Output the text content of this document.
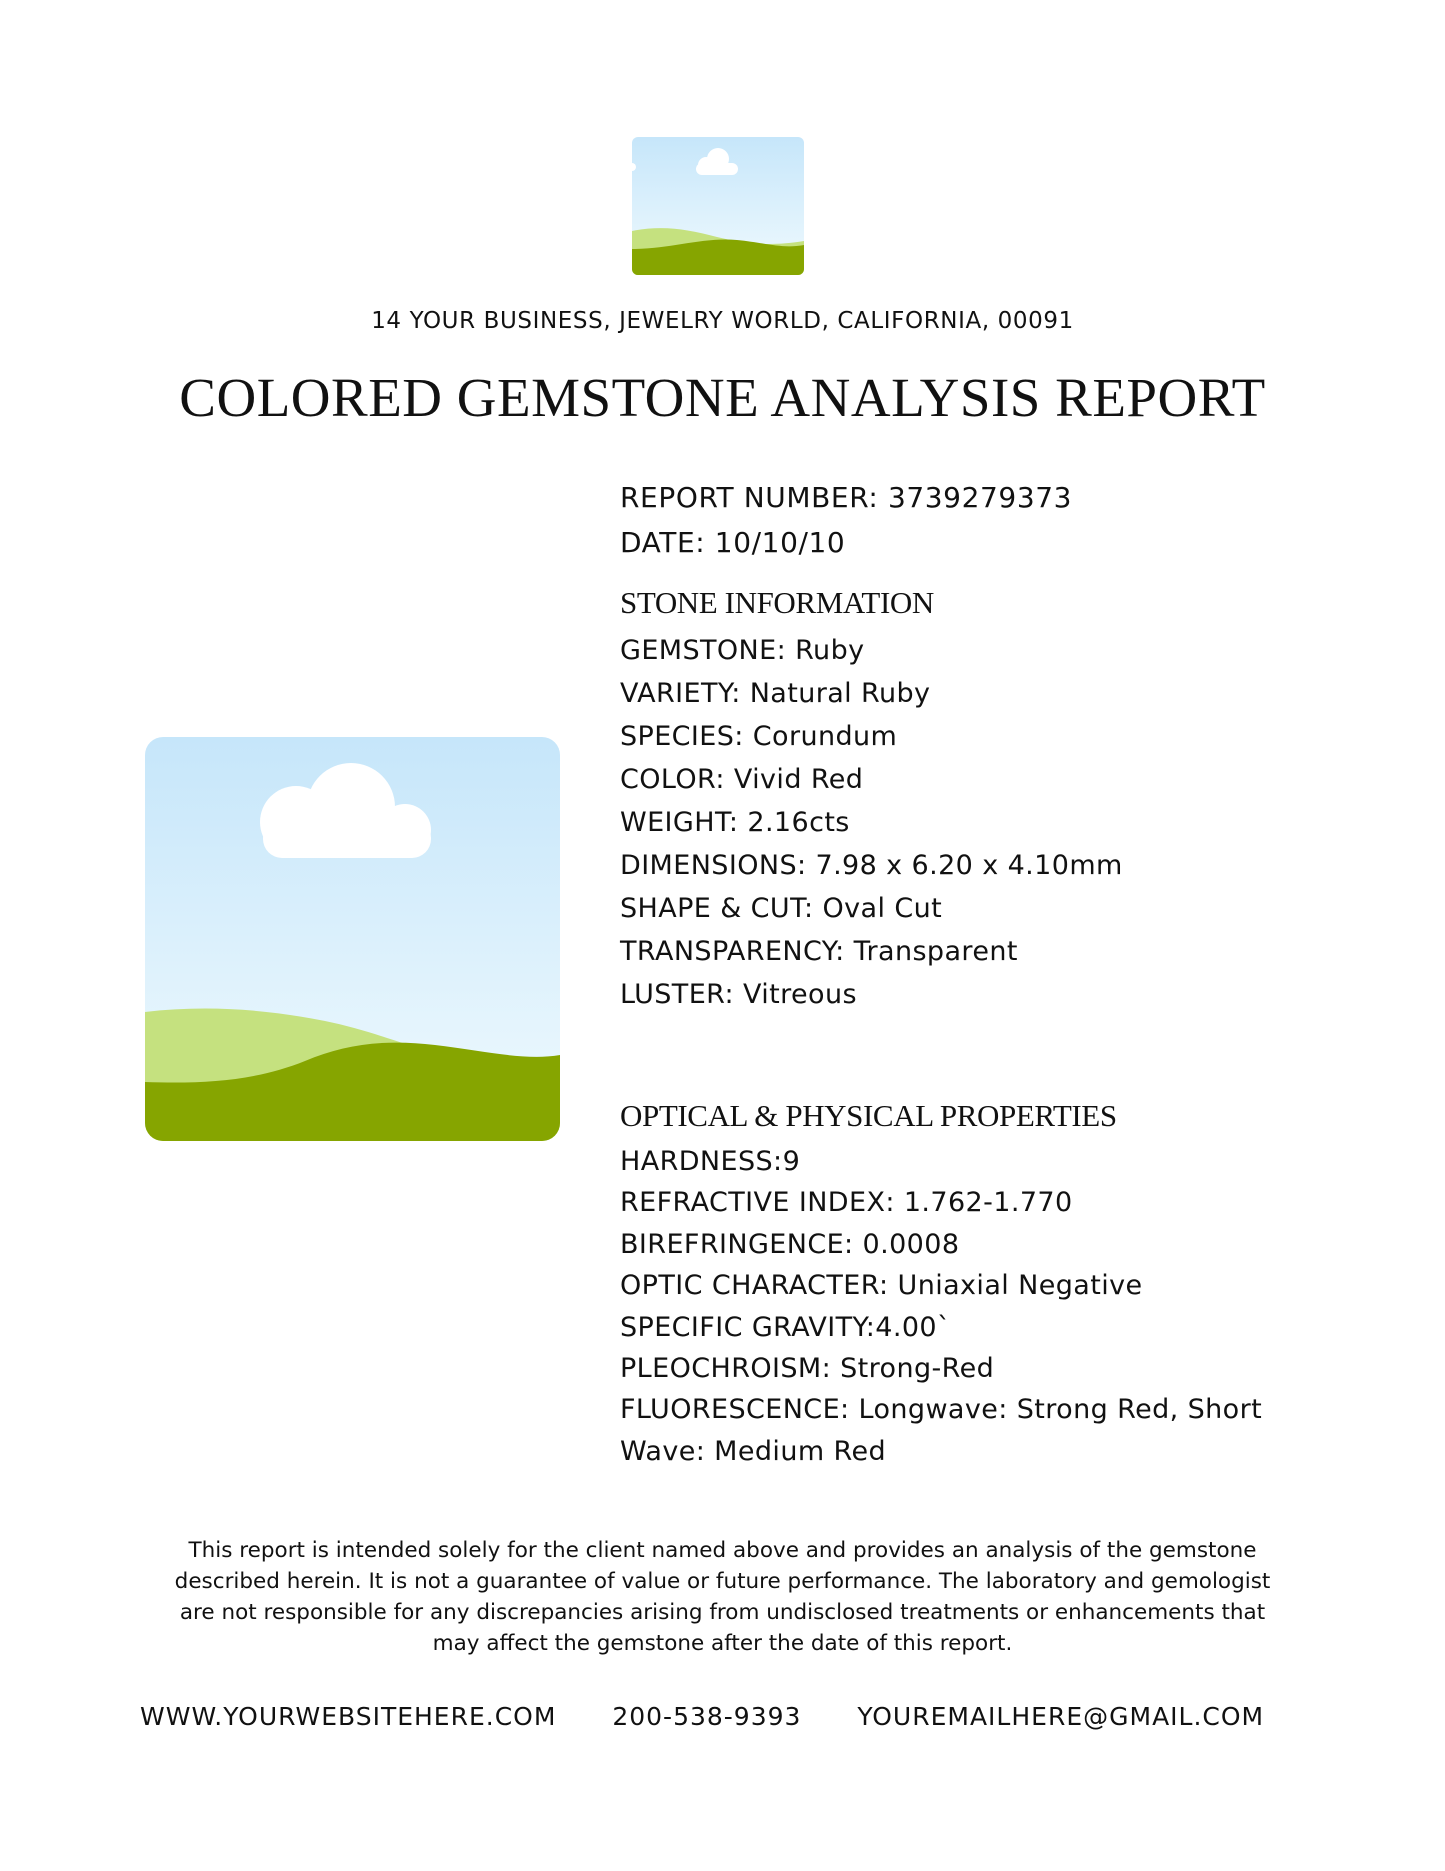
14 YOUR BUSINESS, JEWELRY WORLD, CALIFORNIA, 00091
COLORED GEMSTONE ANALYSIS REPORT
REPORT NUMBER: 3739279373
DATE: 10/10/10
STONE INFORMATION
GEMSTONE: Ruby
VARIETY: Natural Ruby
SPECIES: Corundum
COLOR: Vivid Red
WEIGHT: 2.16cts
DIMENSIONS: 7.98 x 6.20 x 4.10mm
SHAPE & CUT: Oval Cut
TRANSPARENCY: Transparent
LUSTER: Vitreous
OPTICAL & PHYSICAL PROPERTIES
HARDNESS:9
REFRACTIVE INDEX: 1.762-1.770
BIREFRINGENCE: 0.0008
OPTIC CHARACTER: Uniaxial Negative
SPECIFIC GRAVITY:4.00`
PLEOCHROISM: Strong-Red
FLUORESCENCE: Longwave: Strong Red, Short
Wave: Medium Red
This report is intended solely for the client named above and provides an analysis of the gemstone described herein. It is not a guarantee of value or future performance. The laboratory and gemologist are not responsible for any discrepancies arising from undisclosed treatments or enhancements that may affect the gemstone after the date of this report.
WWW.YOURWEBSITEHERE.COM 200-538-9393 YOUREMAILHERE@GMAIL.COM
